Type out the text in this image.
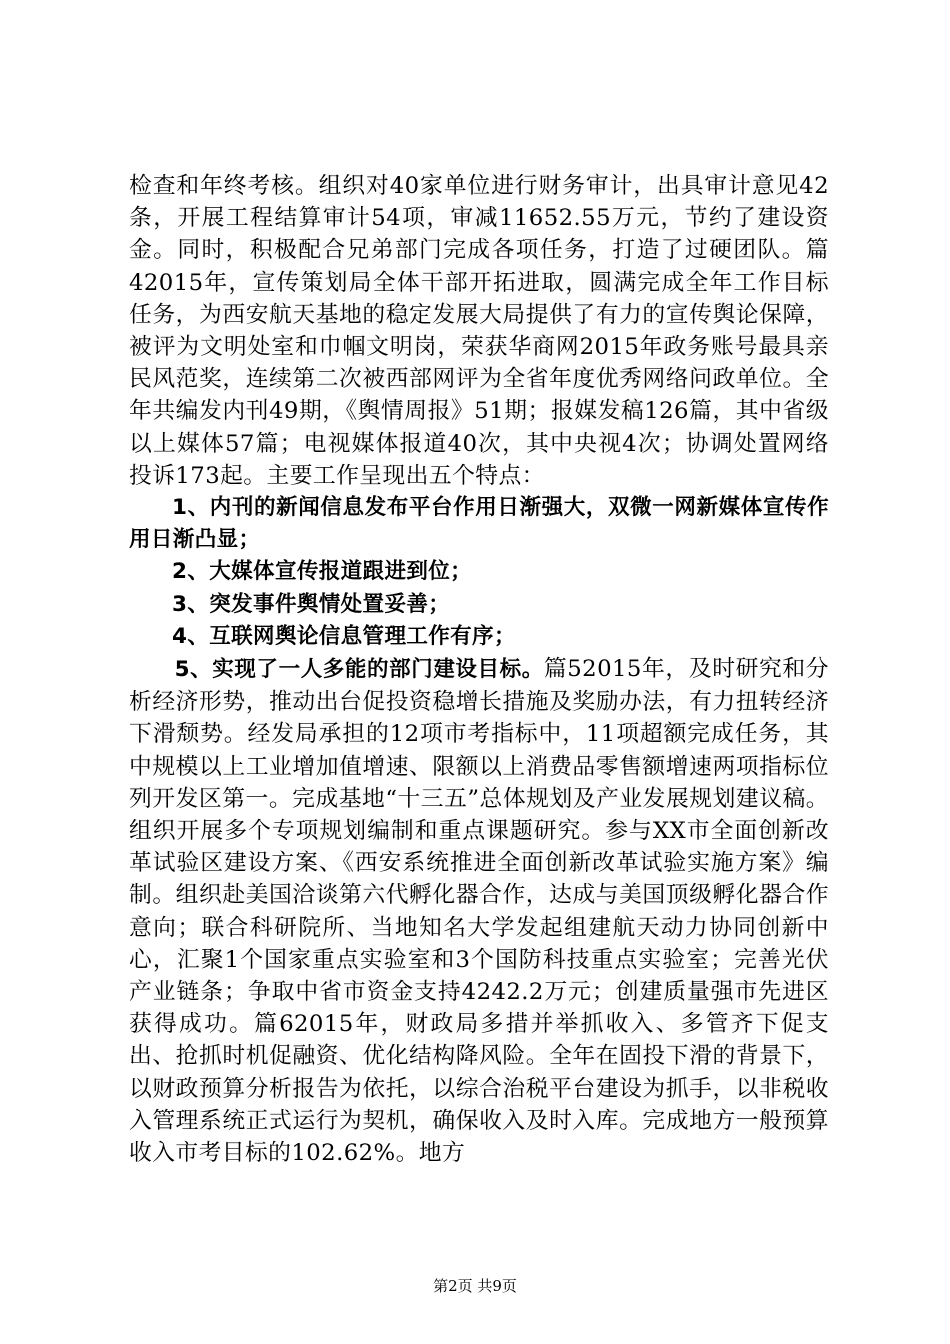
检查和年终考核。组织对40家单位进行财务审计，出具审计意见42条，开展工程结算审计54项，审减11652.55万元，节约了建设资金。同时，积极配合兄弟部门完成各项任务，打造了过硬团队。篇42015年，宣传策划局全体干部开拓进取，圆满完成全年工作目标任务，为西安航天基地的稳定发展大局提供了有力的宣传舆论保障，被评为文明处室和巾帼文明岗，荣获华商网2015年政务账号最具亲民风范奖，连续第二次被西部网评为全省年度优秀网络问政单位。全年共编发内刊49期，《舆情周报》51期；报媒发稿126篇，其中省级以上媒体57篇；电视媒体报道40次，其中央视4次；协调处置网络投诉173起。主要工作呈现出五个特点：

1、内刊的新闻信息发布平台作用日渐强大，双微一网新媒体宣传作用日渐凸显；

2、大媒体宣传报道跟进到位；

3、突发事件舆情处置妥善；

4、互联网舆论信息管理工作有序；

5、实现了一人多能的部门建设目标。篇52015年，及时研究和分析经济形势，推动出台促投资稳增长措施及奖励办法，有力扭转经济下滑颓势。经发局承担的12项市考指标中，11项超额完成任务，其中规模以上工业增加值增速、限额以上消费品零售额增速两项指标位列开发区第一。完成基地“十三五”总体规划及产业发展规划建议稿。组织开展多个专项规划编制和重点课题研究。参与XX市全面创新改革试验区建设方案、《西安系统推进全面创新改革试验实施方案》编制。组织赴美国洽谈第六代孵化器合作，达成与美国顶级孵化器合作意向；联合科研院所、当地知名大学发起组建航天动力协同创新中心，汇聚1个国家重点实验室和3个国防科技重点实验室；完善光伏产业链条；争取中省市资金支持4242.2万元；创建质量强市先进区获得成功。篇62015年，财政局多措并举抓收入、多管齐下促支出、抢抓时机促融资、优化结构降风险。全年在固投下滑的背景下，以财政预算分析报告为依托，以综合治税平台建设为抓手，以非税收入管理系统正式运行为契机，确保收入及时入库。完成地方一般预算收入市考目标的102.62%。地方

第2页 共9页
